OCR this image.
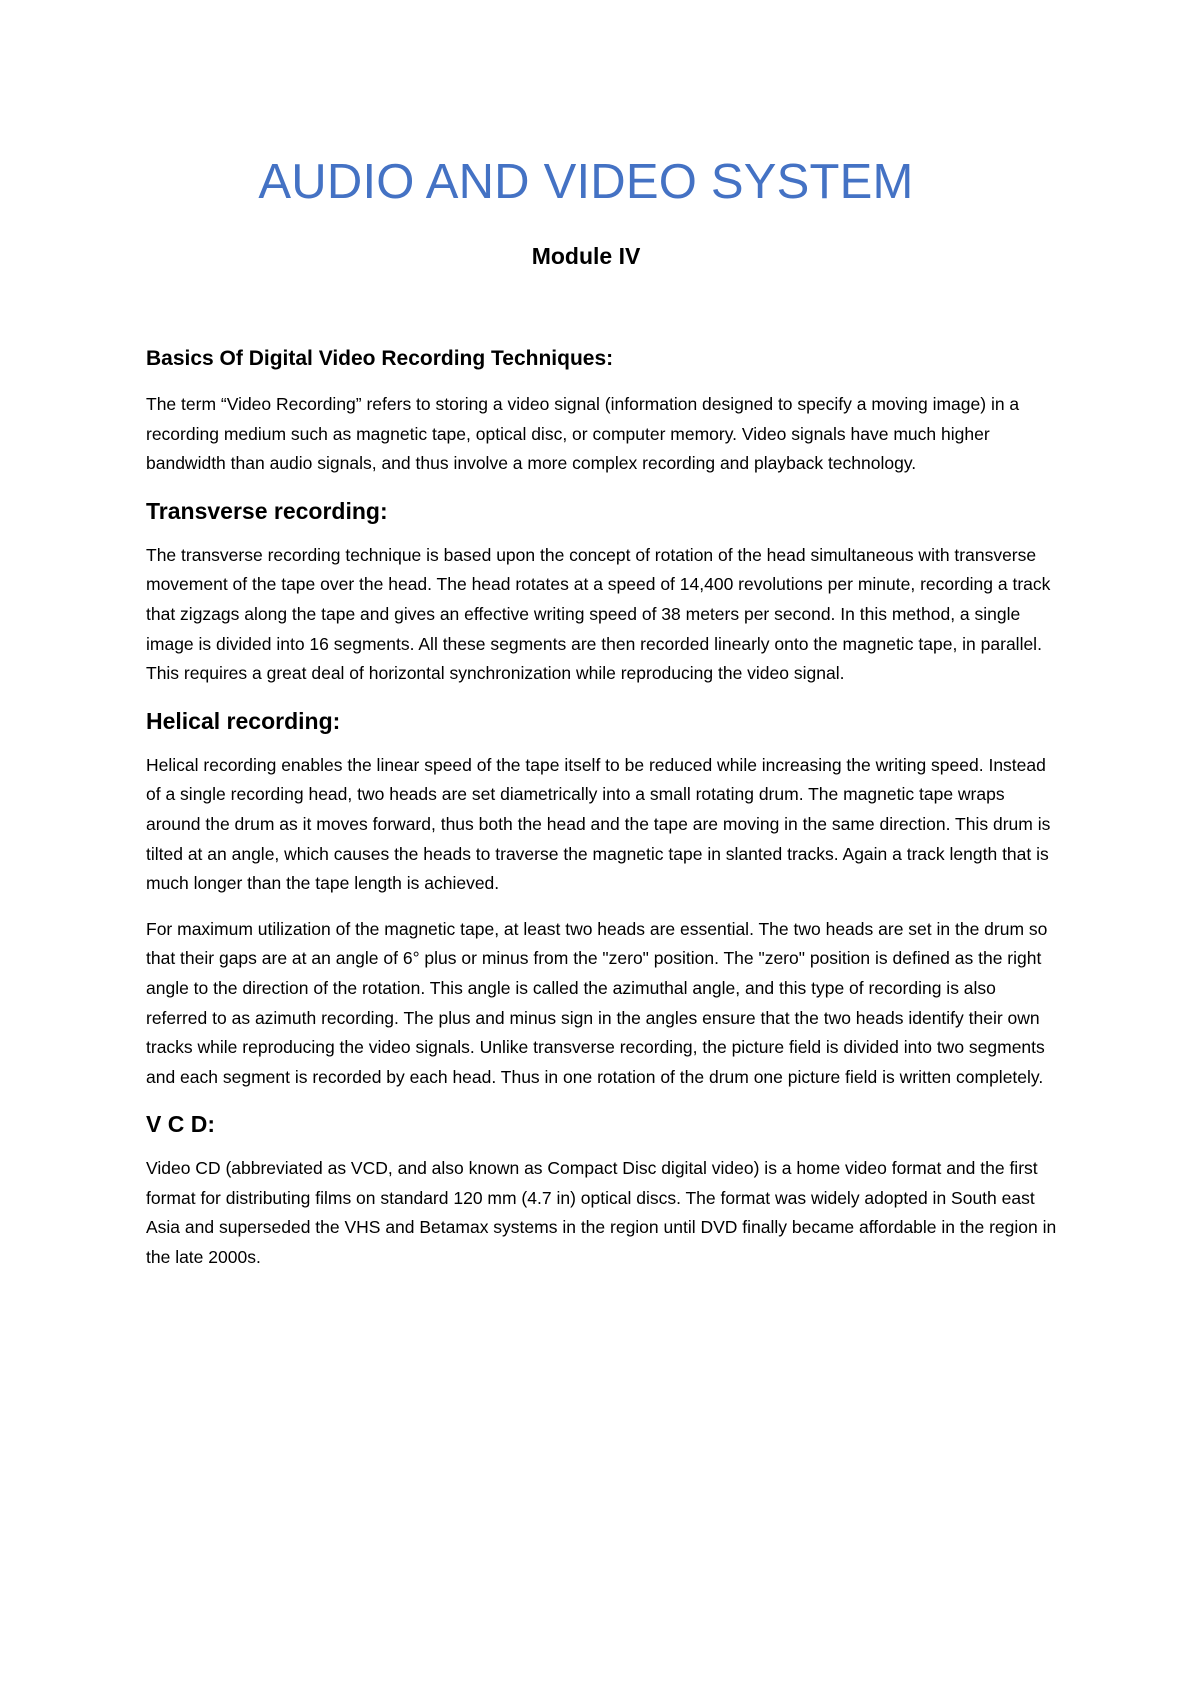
AUDIO AND VIDEO SYSTEM
Module IV
Basics Of Digital Video Recording Techniques:

The term “Video Recording” refers to storing a video signal (information designed to specify a moving image) in a recording medium such as magnetic tape, optical disc, or computer memory. Video signals have much higher bandwidth than audio signals, and thus involve a more complex recording and playback technology.

Transverse recording:

The transverse recording technique is based upon the concept of rotation of the head simultaneous with transverse movement of the tape over the head. The head rotates at a speed of 14,400 revolutions per minute, recording a track that zigzags along the tape and gives an effective writing speed of 38 meters per second. In this method, a single image is divided into 16 segments. All these segments are then recorded linearly onto the magnetic tape, in parallel. This requires a great deal of horizontal synchronization while reproducing the video signal.

Helical recording:

Helical recording enables the linear speed of the tape itself to be reduced while increasing the writing speed. Instead of a single recording head, two heads are set diametrically into a small rotating drum. The magnetic tape wraps around the drum as it moves forward, thus both the head and the tape are moving in the same direction. This drum is tilted at an angle, which causes the heads to traverse the magnetic tape in slanted tracks. Again a track length that is much longer than the tape length is achieved.

For maximum utilization of the magnetic tape, at least two heads are essential. The two heads are set in the drum so that their gaps are at an angle of 6° plus or minus from the "zero" position. The "zero" position is defined as the right angle to the direction of the rotation. This angle is called the azimuthal angle, and this type of recording is also referred to as azimuth recording. The plus and minus sign in the angles ensure that the two heads identify their own tracks while reproducing the video signals. Unlike transverse recording, the picture field is divided into two segments and each segment is recorded by each head. Thus in one rotation of the drum one picture field is written completely.

V C D:

Video CD (abbreviated as VCD, and also known as Compact Disc digital video) is a home video format and the first format for distributing films on standard 120 mm (4.7 in) optical discs. The format was widely adopted in South east Asia and superseded the VHS and Betamax systems in the region until DVD finally became affordable in the region in the late 2000s.
